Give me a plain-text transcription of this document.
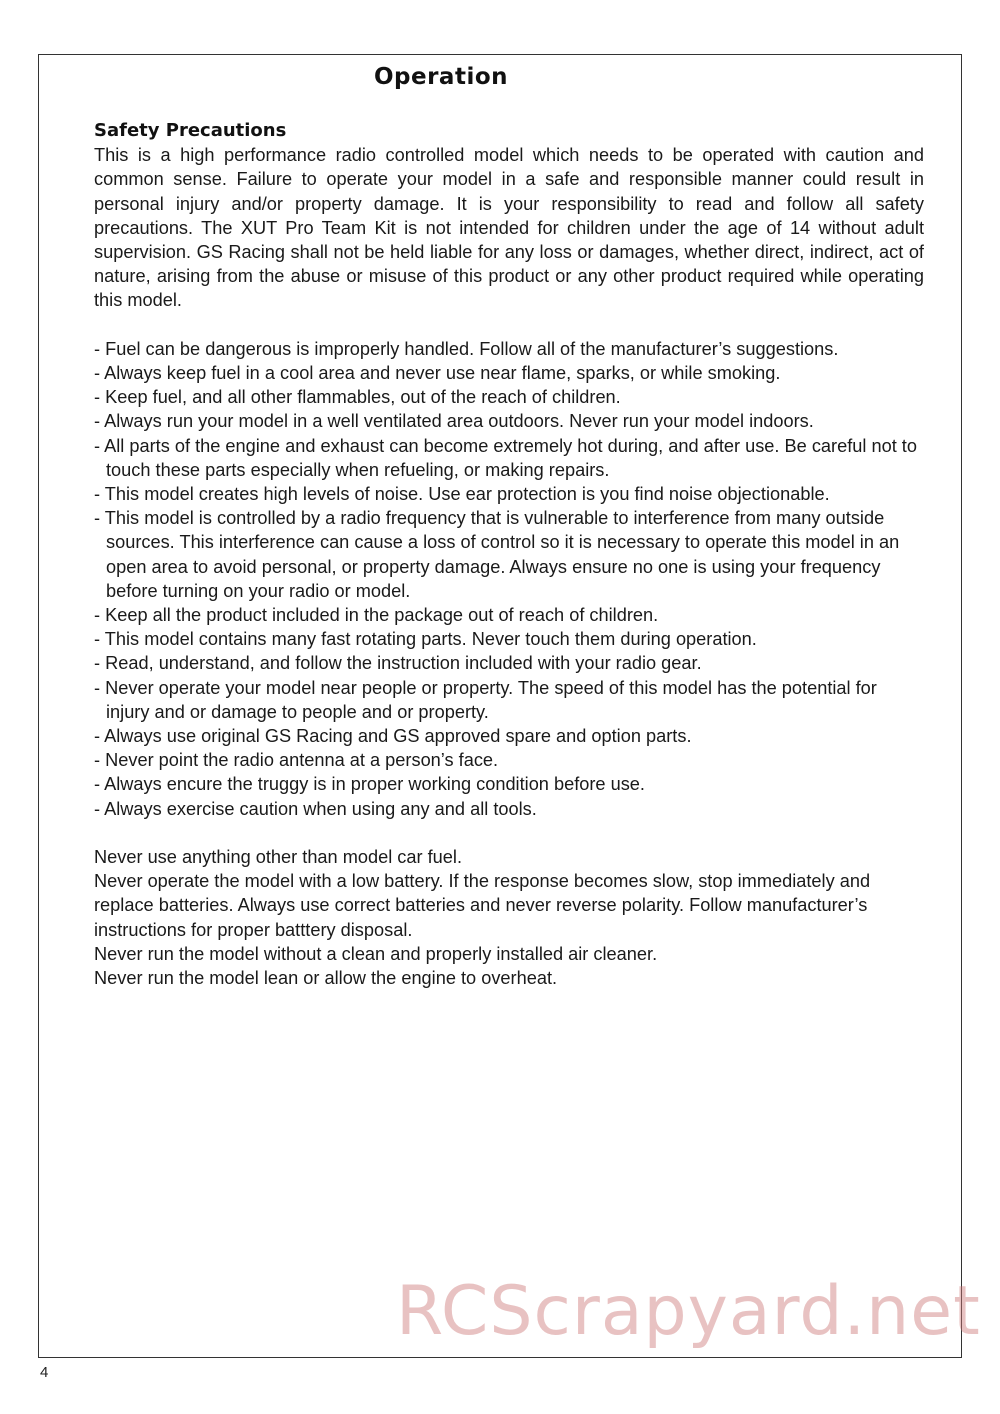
Operation
Safety Precautions

This is a high performance radio controlled model which needs to be operated with caution and common sense. Failure to operate your model in a safe and responsible manner could result in personal injury and/or property damage. It is your responsibility to read and follow all safety precautions. The XUT Pro Team Kit is not intended for children under the age of 14 without adult supervision. GS Racing shall not be held liable for any loss or damages, whether direct, indirect, act of nature, arising from the abuse or misuse of this product or any other product required while operating this model.

- Fuel can be dangerous is improperly handled. Follow all of the manufacturer’s suggestions.
- Always keep fuel in a cool area and never use near flame, sparks, or while smoking.
- Keep fuel, and all other flammables, out of the reach of children.
- Always run your model in a well ventilated area outdoors. Never run your model indoors.
- All parts of the engine and exhaust can become extremely hot during, and after use. Be careful not to touch these parts especially when refueling, or making repairs.
- This model creates high levels of noise. Use ear protection is you find noise objectionable.
- This model is controlled by a radio frequency that is vulnerable to interference from many outside sources. This interference can cause a loss of control so it is necessary to operate this model in an open area to avoid personal, or property damage. Always ensure no one is using your frequency before turning on your radio or model.
- Keep all the product included in the package out of reach of children.
- This model contains many fast rotating parts. Never touch them during operation.
- Read, understand, and follow the instruction included with your radio gear.
- Never operate your model near people or property. The speed of this model has the potential for injury and or damage to people and or property.
- Always use original GS Racing and GS approved spare and option parts.
- Never point the radio antenna at a person’s face.
- Always encure the truggy is in proper working condition before use.
- Always exercise caution when using any and all tools.

Never use anything other than model car fuel.

Never operate the model with a low battery. If the response becomes slow, stop immediately and replace batteries. Always use correct batteries and never reverse polarity. Follow manufacturer’s instructions for proper batttery disposal.

Never run the model without a clean and properly installed air cleaner.

Never run the model lean or allow the engine to overheat.

4
RCScrapyard.net
